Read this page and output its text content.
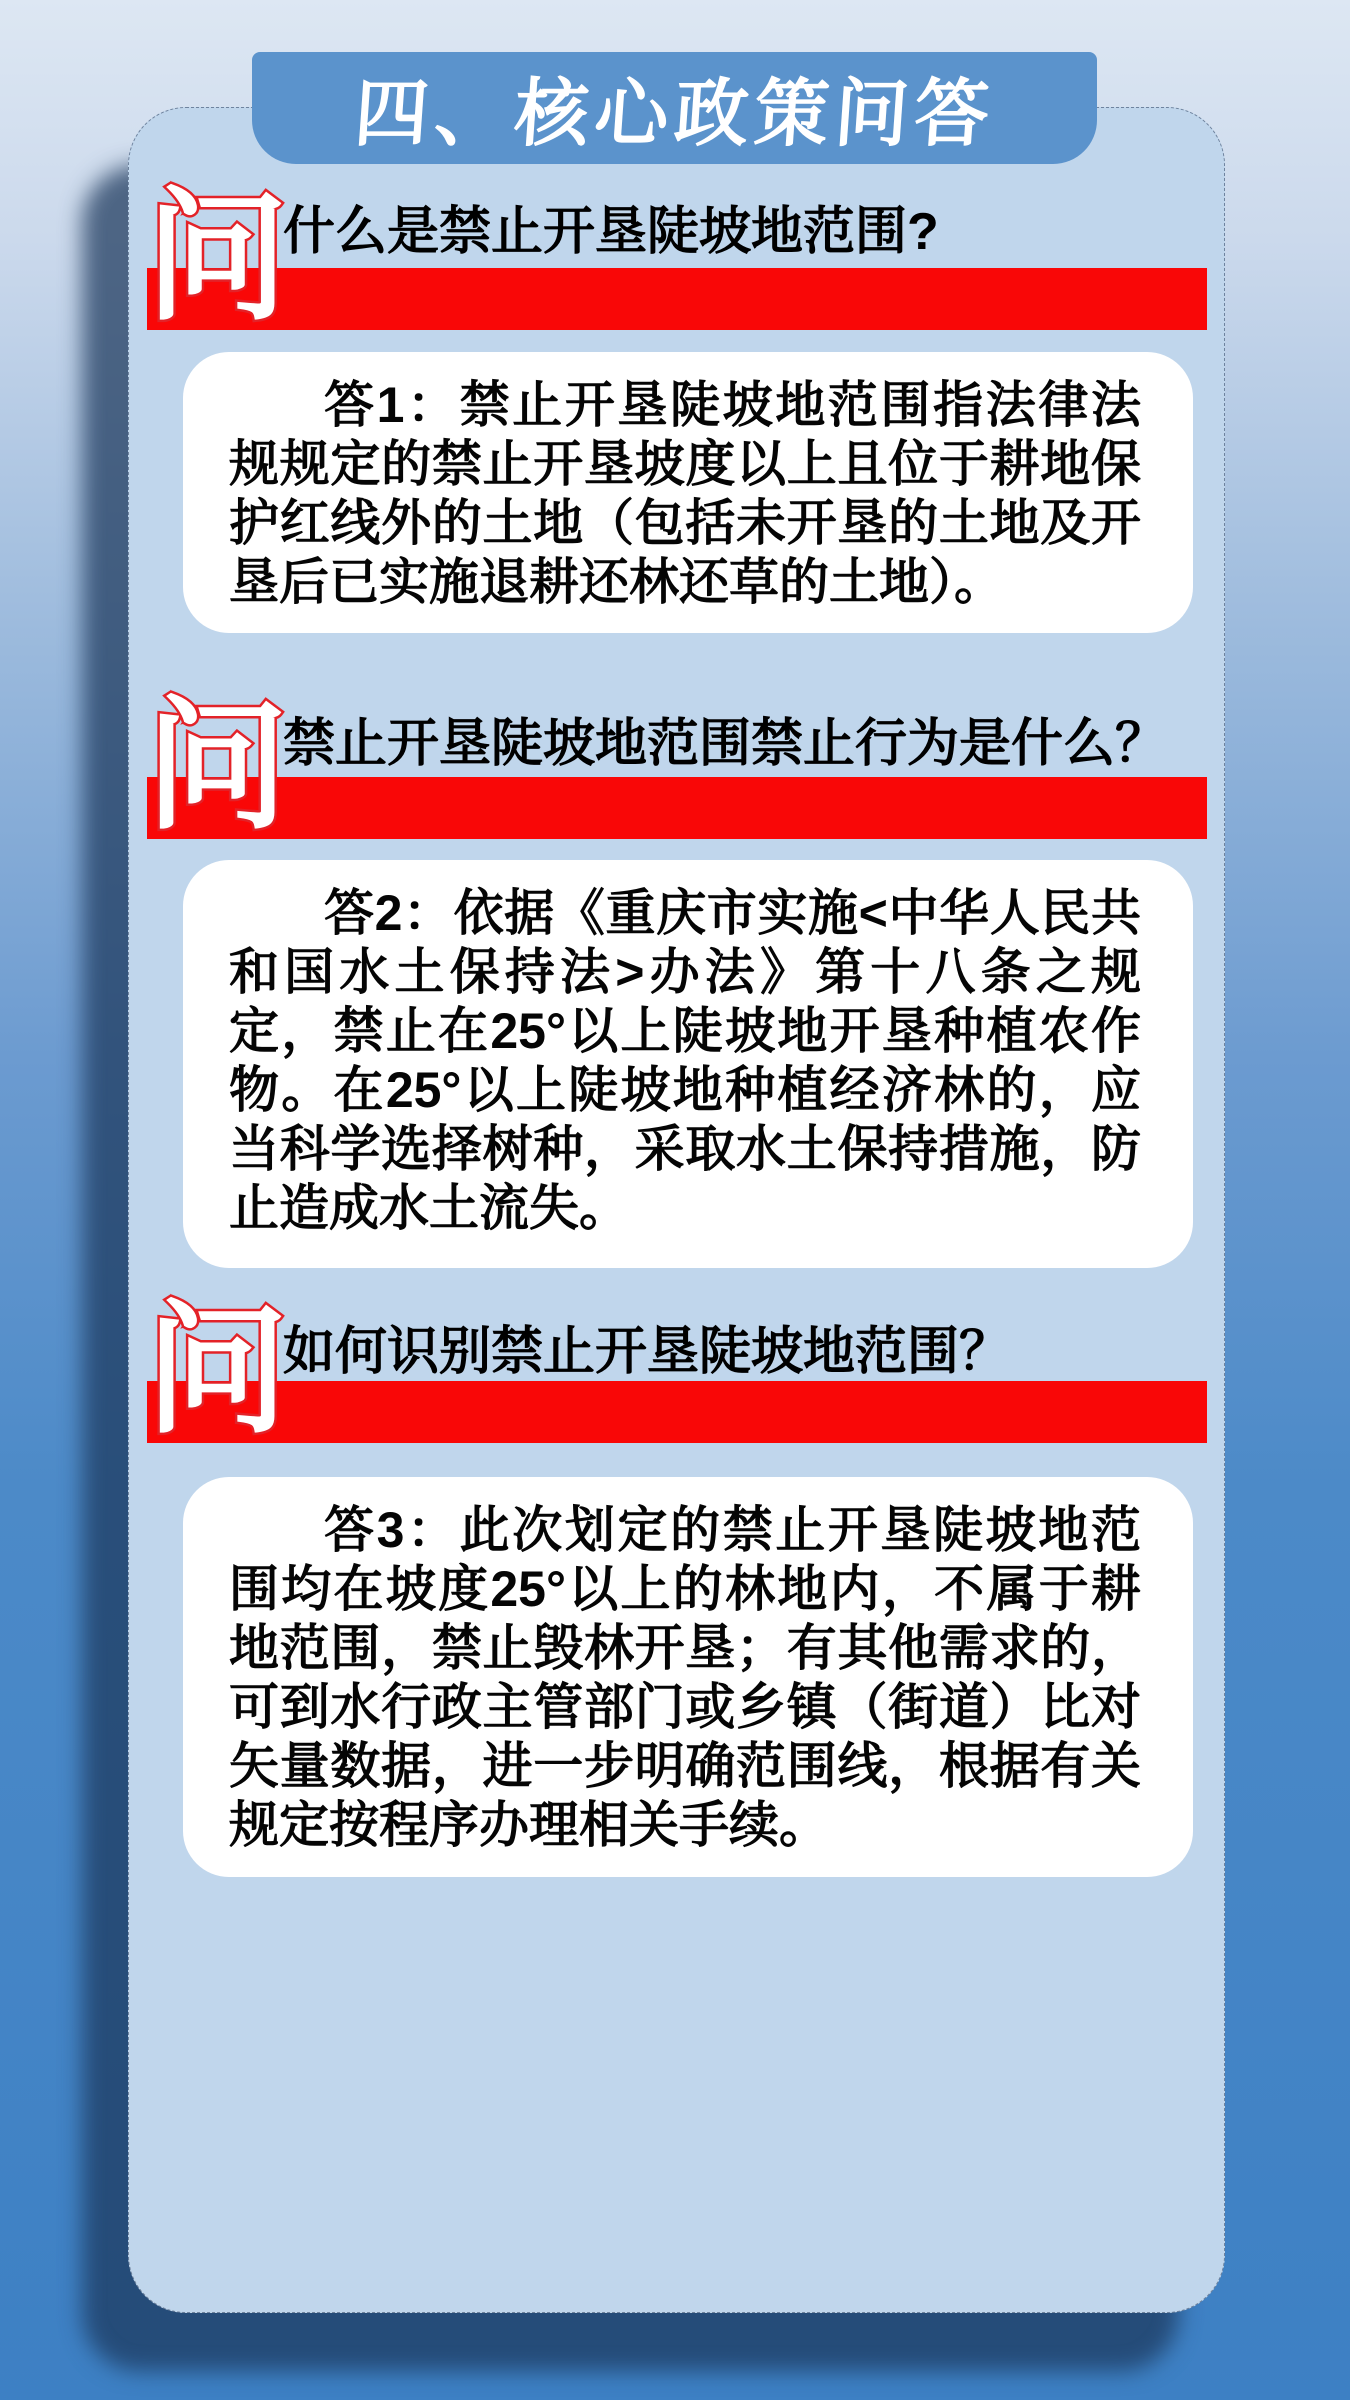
四、核心政策问答
问
什么是禁止开垦陡坡地范围?
答1：禁止开垦陡坡地范围指法律法规规定的禁止开垦坡度以上且位于耕地保护红线外的土地（包括未开垦的土地及开垦后已实施退耕还林还草的土地）。
问
禁止开垦陡坡地范围禁止行为是什么？
答2：依据《重庆市实施<中华人民共和国水土保持法>办法》第十八条之规定，禁止在25°以上陡坡地开垦种植农作物。在25°以上陡坡地种植经济林的，应当科学选择树种，采取水土保持措施，防止造成水土流失。
问
如何识别禁止开垦陡坡地范围？
答3：此次划定的禁止开垦陡坡地范围均在坡度25°以上的林地内，不属于耕地范围，禁止毁林开垦；有其他需求的，可到水行政主管部门或乡镇（街道）比对矢量数据，进一步明确范围线，根据有关规定按程序办理相关手续。
